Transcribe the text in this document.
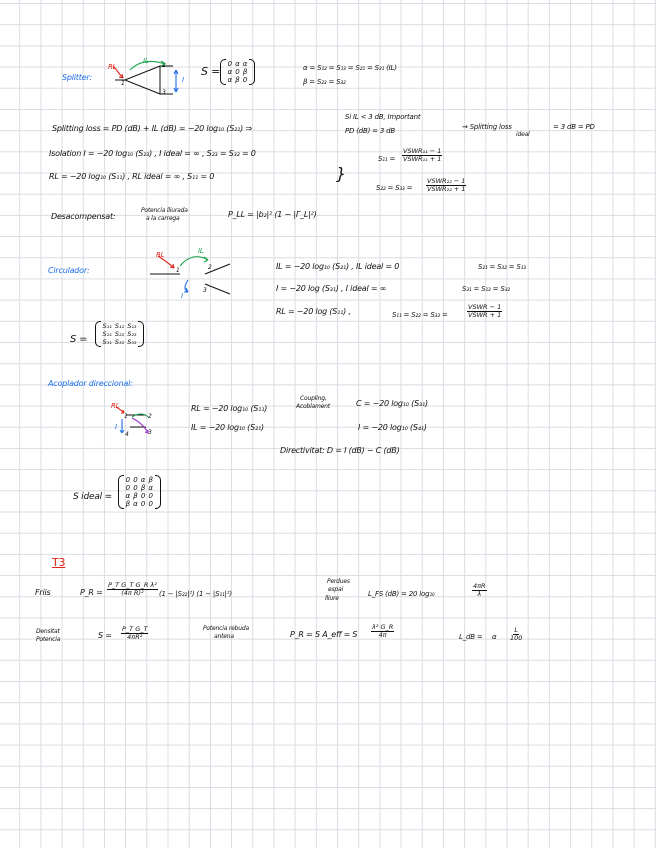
Splitter:
RL
IL
I
1
3
S =
0	α	α
α	0	β
α	β	0
α = S₁₂ = S₁₃ = S₂₁ = S₃₁ (IL)
β = S₂₃ = S₃₂
Splitting loss = PD (dB) + IL (dB) = −20 log₁₀ (S₂₁) ⇒
Si IL < 3 dB, Important
PD (dB) = 3 dB	⇝ Splitting loss
ideal
= 3 dB = PD
Isolation I = −20 log₁₀ (S₂₃) , I ideal = ∞ , S₂₃ = S₃₂ = 0
RL = −20 log₁₀ (S₁₁) , RL ideal = ∞ , S₁₁ = 0	}
S₁₁ =
VSWR₁₁ − 1
VSWR₁₁ + 1
S₂₂ = S₃₃ =
VSWR₂₂ − 1
VSWR₂₂ + 1
Desacompensat:
Potencia lliurada
a la carrega	P_LL = |b₂|² (1 − |Γ_L|²)
Circulador:
RL	IL
I
1	2
3
IL = −20 log₁₀ (S₂₁) , IL ideal = 0	S₂₁ = S₃₂ = S₁₃
I = −20 log (S₃₁) , I ideal = ∞	S₃₁ = S₁₃ = S₃₂
RL = −20 log (S₁₁) ,	S₁₁ = S₂₂ = S₃₃ =
VSWR − 1
VSWR + 1
S =
S₁₁	S₁₂	S₁₃
S₂₁	S₂₂	S₂₃
S₃₁	S₃₂	S₃₃
Acoplador direccional:
RL
I
1	2
3
4
RL = −20 log₁₀ (S₁₁)
IL = −20 log₁₀ (S₂₁)
Coupling,
Acoblament	C = −20 log₁₀ (S₃₁)
I = −20 log₁₀ (S₄₁)
Directivitat: D = I (dB) − C (dB)
S ideal =
0	0	α	β
0	0	β	α
α	β	0	0
β	α	0	0
T3
Friis	P_R = $\frac{\text{P\_T G\_T G\_R λ²}}{\text{(4π R)²}} (1 - |S_{22}|^2) (1 - |S_{11}|^2)$
Perdues
espai
lliure
L_FS (dB) = 20 log₁₀	$\frac{4\pi R}{\lambda}$
Densitat
Potencia	$S = \frac{\text{P\_T G\_T}}{\text{4πR²}}$	Potencia rebuda
antena	P_R = S A_eff = S $\frac{\text{λ² G\_R}}{4\pi}$	L_dB = α $\frac{L}{100}$
